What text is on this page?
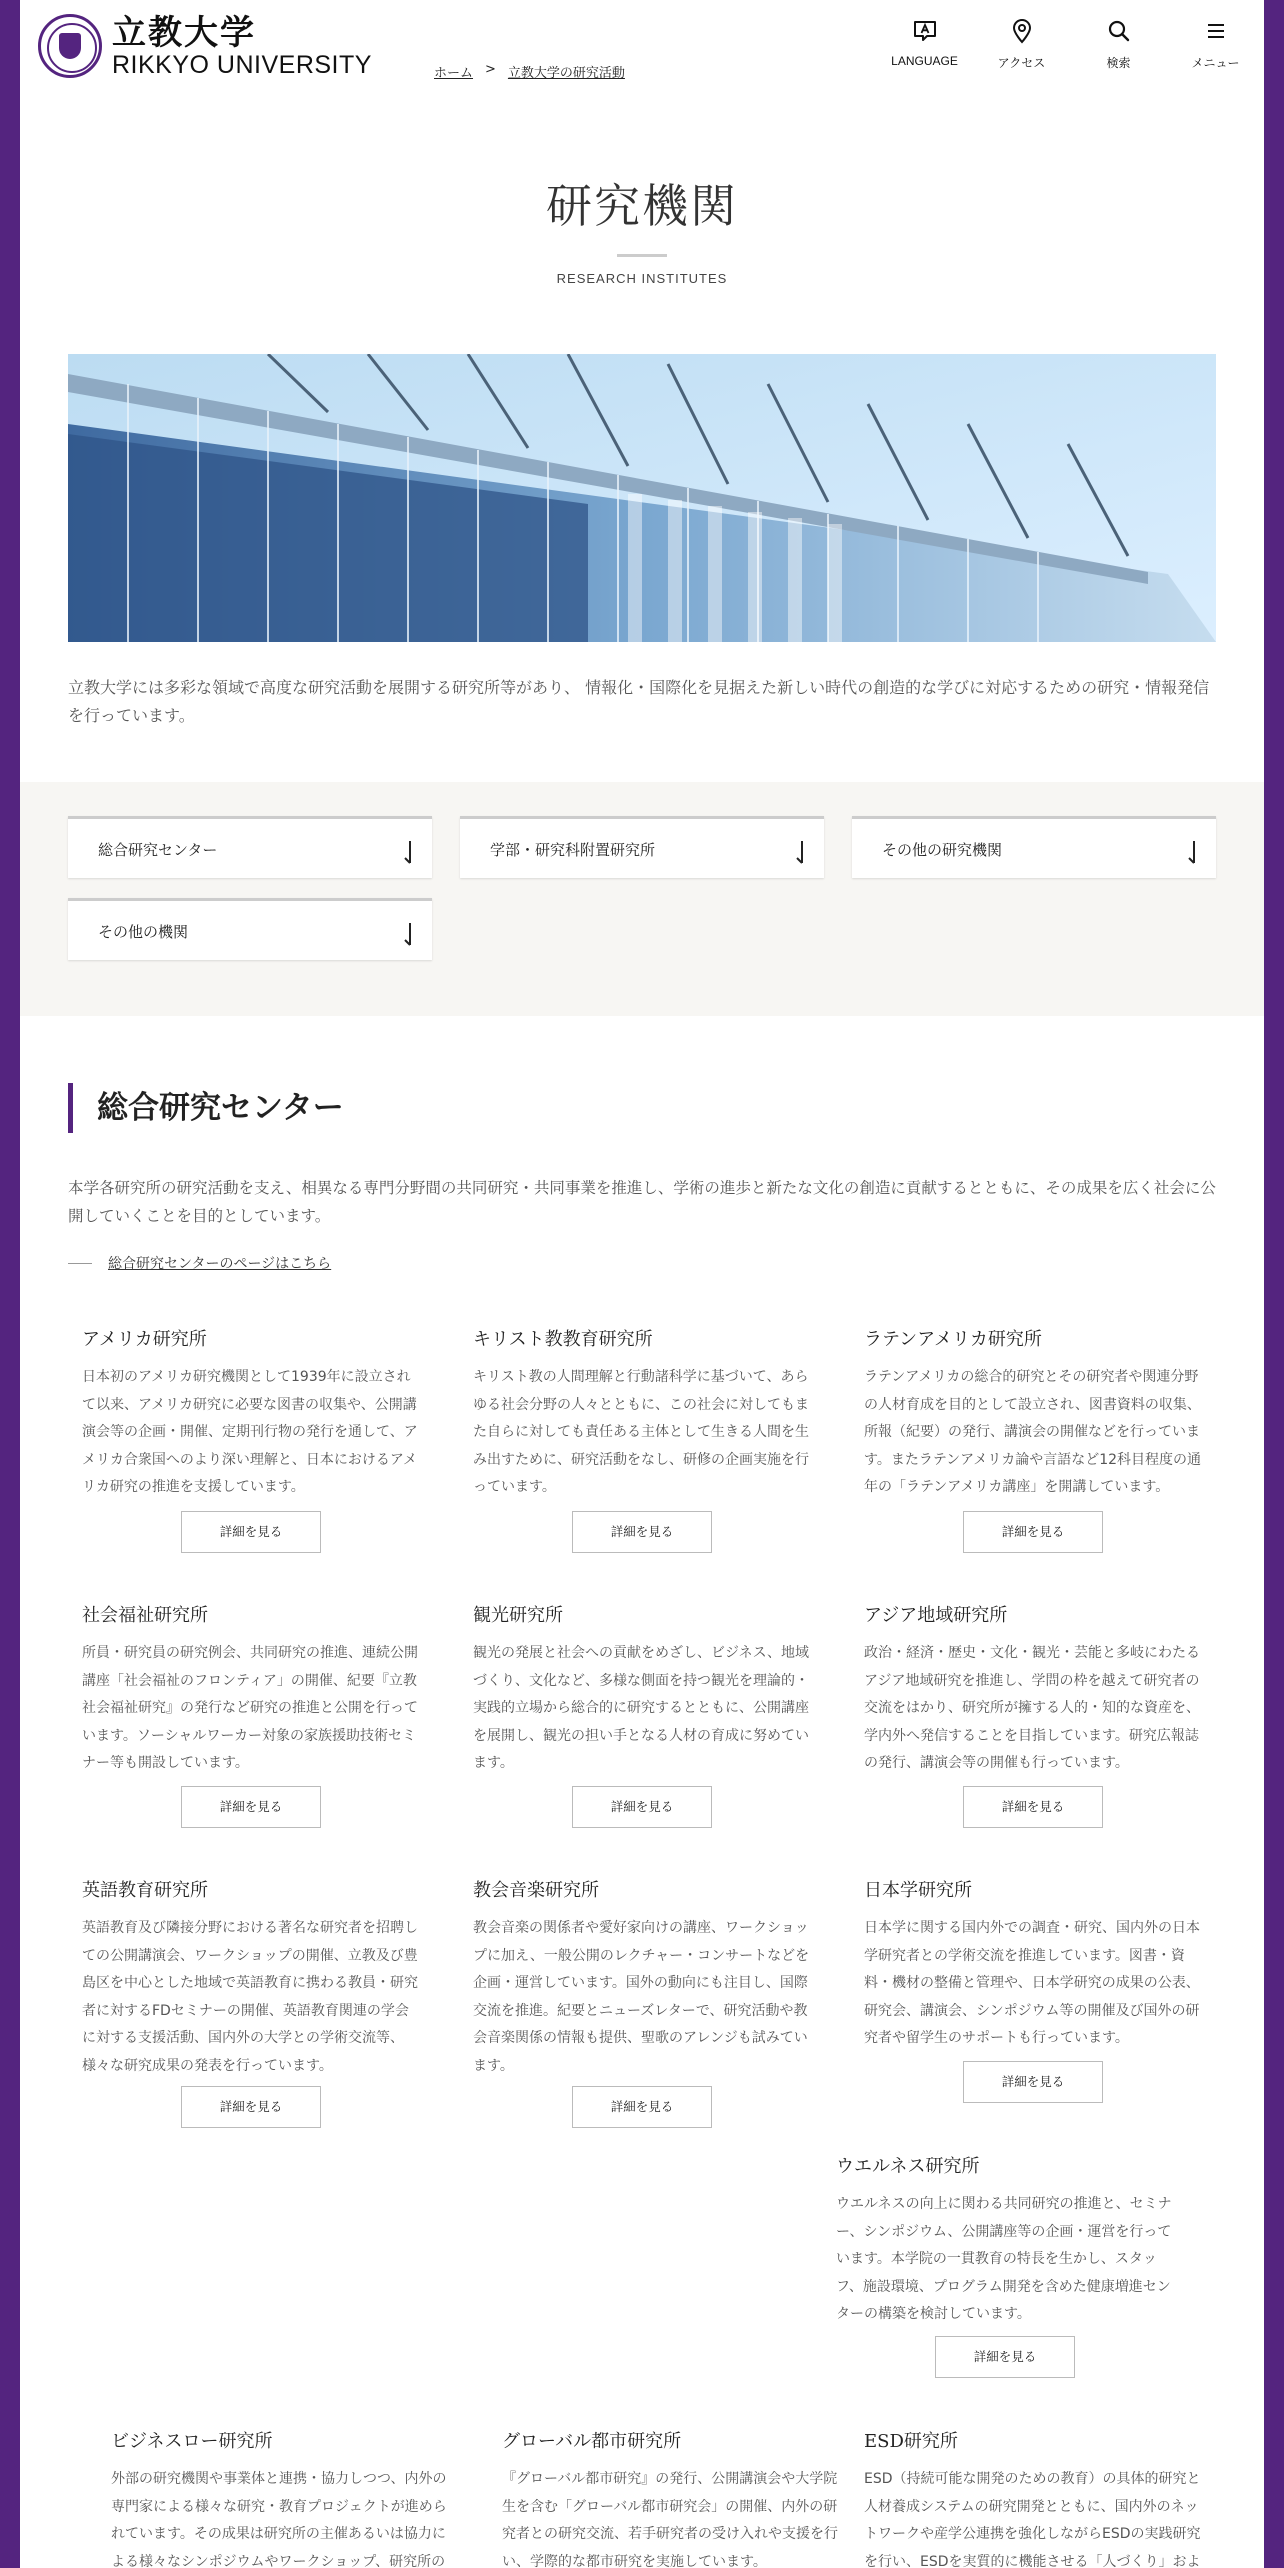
立教大学
RIKKYO UNIVERSITY	ホーム > 立教大学の研究活動
LANGUAGE	アクセス	検索	メニュー
研究機関
RESEARCH INSTITUTES

立教大学には多彩な領域で高度な研究活動を展開する研究所等があり、 情報化・国際化を見据えた新しい時代の創造的な学びに対応するための研究・情報発信を行っています。

総合研究センター	学部・研究科附置研究所	その他の研究機関
その他の機関
総合研究センター

本学各研究所の研究活動を支え、相異なる専門分野間の共同研究・共同事業を推進し、学術の進歩と新たな文化の創造に貢献するとともに、その成果を広く社会に公開していくことを目的としています。

総合研究センターのページはこちら
アメリカ研究所
日本初のアメリカ研究機関として1939年に設立されて以来、アメリカ研究に必要な図書の収集や、公開講演会等の企画・開催、定期刊行物の発行を通して、アメリカ合衆国へのより深い理解と、日本におけるアメリカ研究の推進を支援しています。
詳細を見る
キリスト教教育研究所
キリスト教の人間理解と行動諸科学に基づいて、あらゆる社会分野の人々とともに、この社会に対してもまた自らに対しても責任ある主体として生きる人間を生み出すために、研究活動をなし、研修の企画実施を行っています。
詳細を見る
ラテンアメリカ研究所
ラテンアメリカの総合的研究とその研究者や関連分野の人材育成を目的として設立され、図書資料の収集、所報（紀要）の発行、講演会の開催などを行っています。またラテンアメリカ論や言語など12科目程度の通年の「ラテンアメリカ講座」を開講しています。
詳細を見る
社会福祉研究所
所員・研究員の研究例会、共同研究の推進、連続公開講座「社会福祉のフロンティア」の開催、紀要『立教社会福祉研究』の発行など研究の推進と公開を行っています。ソーシャルワーカー対象の家族援助技術セミナー等も開設しています。
詳細を見る
観光研究所
観光の発展と社会への貢献をめざし、ビジネス、地域づくり、文化など、多様な側面を持つ観光を理論的・実践的立場から総合的に研究するとともに、公開講座を展開し、観光の担い手となる人材の育成に努めています。
詳細を見る
アジア地域研究所
政治・経済・歴史・文化・観光・芸能と多岐にわたるアジア地域研究を推進し、学問の枠を越えて研究者の交流をはかり、研究所が擁する人的・知的な資産を、学内外へ発信することを目指しています。研究広報誌の発行、講演会等の開催も行っています。
詳細を見る
英語教育研究所
英語教育及び隣接分野における著名な研究者を招聘しての公開講演会、ワークショップの開催、立教及び豊島区を中心とした地域で英語教育に携わる教員・研究者に対するFDセミナーの開催、英語教育関連の学会に対する支援活動、国内外の大学との学術交流等、様々な研究成果の発表を行っています。
詳細を見る
教会音楽研究所
教会音楽の関係者や愛好家向けの講座、ワークショップに加え、一般公開のレクチャー・コンサートなどを企画・運営しています。国外の動向にも注目し、国際交流を推進。紀要とニューズレターで、研究活動や教会音楽関係の情報も提供、聖歌のアレンジも試みています。
詳細を見る
日本学研究所
日本学に関する国内外での調査・研究、国内外の日本学研究者との学術交流を推進しています。図書・資料・機材の整備と管理や、日本学研究の成果の公表、研究会、講演会、シンポジウム等の開催及び国外の研究者や留学生のサポートも行っています。
詳細を見る
ウエルネス研究所
ウエルネスの向上に関わる共同研究の推進と、セミナー、シンポジウム、公開講座等の企画・運営を行っています。本学院の一貫教育の特長を生かし、スタッフ、施設環境、プログラム開発を含めた健康増進センターの構築を検討しています。
詳細を見る
ビジネスロー研究所
外部の研究機関や事業体と連携・協力しつつ、内外の専門家による様々な研究・教育プロジェクトが進められています。その成果は研究所の主催あるいは協力による様々なシンポジウムやワークショップ、研究所の
グローバル都市研究所
『グローバル都市研究』の発行、公開講演会や大学院生を含む「グローバル都市研究会」の開催、内外の研究者との研究交流、若手研究者の受け入れや支援を行い、学際的な都市研究を実施しています。
ESD研究所
ESD（持続可能な開発のための教育）の具体的研究と人材養成システムの研究開発とともに、国内外のネットワークや産学公連携を強化しながらESDの実践研究を行い、ESDを実質的に機能させる「人づくり」およ
